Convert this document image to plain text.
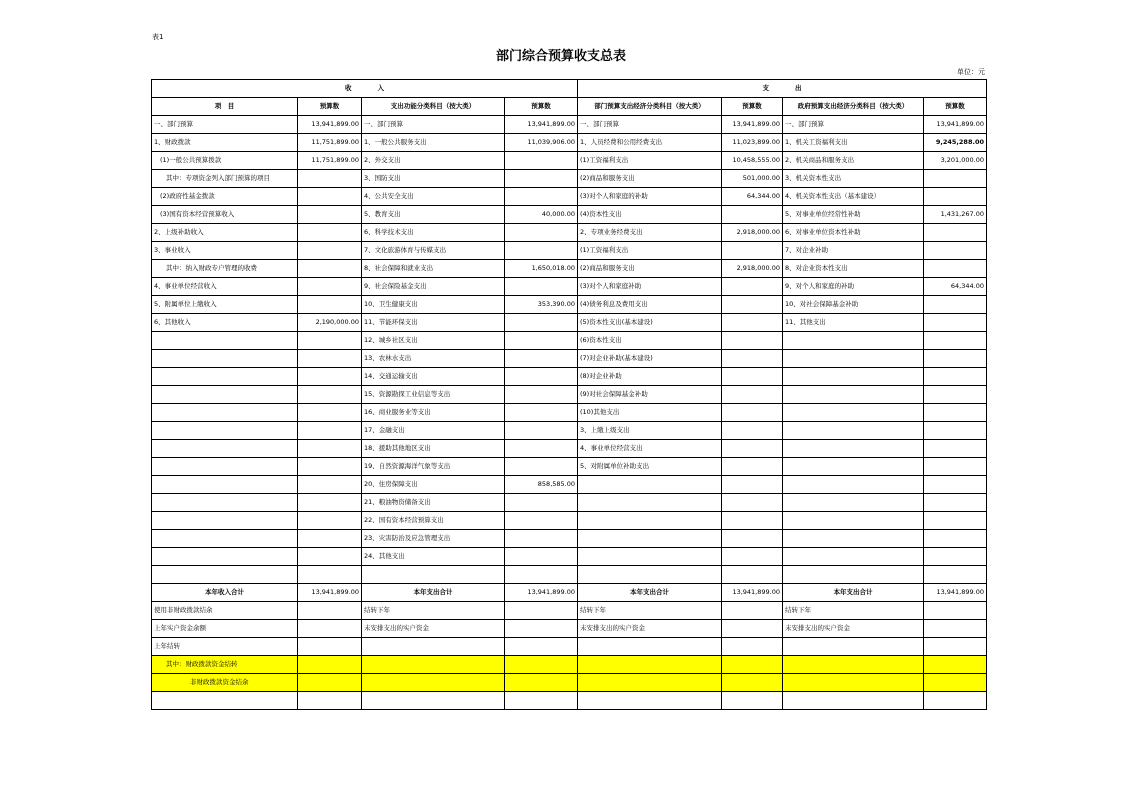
表1
部门综合预算收支总表
单位：元
收　　　　入				支　　　　出			
项　目	预算数	支出功能分类科目（按大类）	预算数	部门预算支出经济分类科目（按大类）	预算数	政府预算支出经济分类科目（按大类）	预算数
一、部门预算	13,941,899.00	一、部门预算	13,941,899.00	一、部门预算	13,941,899.00	一、部门预算	13,941,899.00
1、财政拨款	11,751,899.00	1、一般公共服务支出	11,039,906.00	1、人员经费和公用经费支出	11,023,899.00	1、机关工资福利支出	9,245,288.00
(1)一般公共预算拨款	11,751,899.00	2、外交支出		(1)工资福利支出	10,458,555.00	2、机关商品和服务支出	3,201,000.00
其中：专项资金列入部门预算的项目		3、国防支出		(2)商品和服务支出	501,000.00	3、机关资本性支出	
(2)政府性基金拨款		4、公共安全支出		(3)对个人和家庭的补助	64,344.00	4、机关资本性支出（基本建设）	
(3)国有资本经营预算收入		5、教育支出	40,000.00	(4)资本性支出		5、对事业单位经常性补助	1,431,267.00
2、上级补助收入		6、科学技术支出		2、专项业务经费支出	2,918,000.00	6、对事业单位资本性补助	
3、事业收入		7、文化旅游体育与传媒支出		(1)工资福利支出		7、对企业补助	
其中：纳入财政专户管理的收费		8、社会保障和就业支出	1,650,018.00	(2)商品和服务支出	2,918,000.00	8、对企业资本性支出	
4、事业单位经营收入		9、社会保险基金支出		(3)对个人和家庭补助		9、对个人和家庭的补助	64,344.00
5、附属单位上缴收入		10、卫生健康支出	353,390.00	(4)债务利息及费用支出		10、对社会保障基金补助	
6、其他收入	2,190,000.00	11、节能环保支出		(5)资本性支出(基本建设)		11、其他支出	
		12、城乡社区支出		(6)资本性支出			
		13、农林水支出		(7)对企业补助(基本建设)			
		14、交通运输支出		(8)对企业补助			
		15、资源勘探工业信息等支出		(9)对社会保障基金补助			
		16、商业服务业等支出		(10)其他支出			
		17、金融支出		3、上缴上级支出			
		18、援助其他地区支出		4、事业单位经营支出			
		19、自然资源海洋气象等支出		5、对附属单位补助支出			
		20、住房保障支出	858,585.00				
		21、粮油物资储备支出					
		22、国有资本经营预算支出					
		23、灾害防治及应急管理支出					
		24、其他支出					

本年收入合计	13,941,899.00	本年支出合计	13,941,899.00	本年支出合计	13,941,899.00	本年支出合计	13,941,899.00
使用非财政拨款结余		结转下年		结转下年		结转下年	
上年实户资金余额		未安排支出的实户资金		未安排支出的实户资金		未安排支出的实户资金	
上年结转							
其中：财政拨款资金结转							
非财政拨款资金结余							
